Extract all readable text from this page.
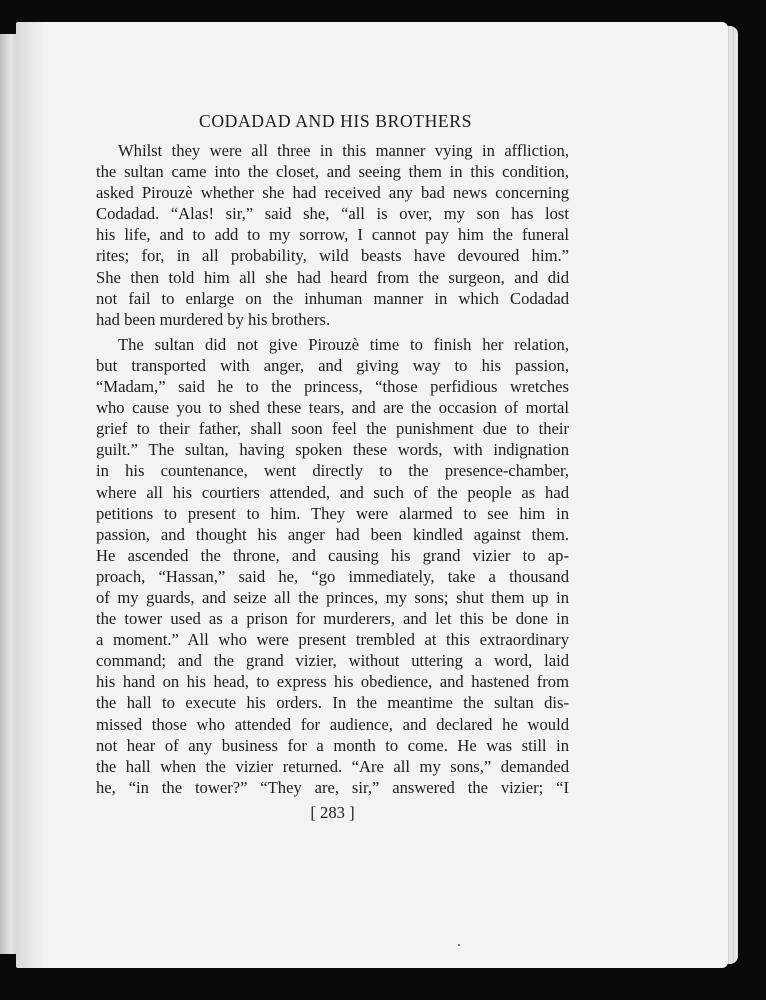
CODADAD AND HIS BROTHERS
Whilst they were all three in this manner vying in affliction,
the sultan came into the closet, and seeing them in this condition,
asked Pirouzè whether she had received any bad news concerning
Codadad. “Alas! sir,” said she, “all is over, my son has lost
his life, and to add to my sorrow, I cannot pay him the funeral
rites; for, in all probability, wild beasts have devoured him.”
She then told him all she had heard from the surgeon, and did
not fail to enlarge on the inhuman manner in which Codadad
had been murdered by his brothers.
The sultan did not give Pirouzè time to finish her relation,
but transported with anger, and giving way to his passion,
“Madam,” said he to the princess, “those perfidious wretches
who cause you to shed these tears, and are the occasion of mortal
grief to their father, shall soon feel the punishment due to their
guilt.” The sultan, having spoken these words, with indignation
in his countenance, went directly to the presence-chamber,
where all his courtiers attended, and such of the people as had
petitions to present to him. They were alarmed to see him in
passion, and thought his anger had been kindled against them.
He ascended the throne, and causing his grand vizier to ap-
proach, “Hassan,” said he, “go immediately, take a thousand
of my guards, and seize all the princes, my sons; shut them up in
the tower used as a prison for murderers, and let this be done in
a moment.” All who were present trembled at this extraordinary
command; and the grand vizier, without uttering a word, laid
his hand on his head, to express his obedience, and hastened from
the hall to execute his orders. In the meantime the sultan dis-
missed those who attended for audience, and declared he would
not hear of any business for a month to come. He was still in
the hall when the vizier returned. “Are all my sons,” demanded
he, “in the tower?” “They are, sir,” answered the vizier; “I
[ 283 ]
